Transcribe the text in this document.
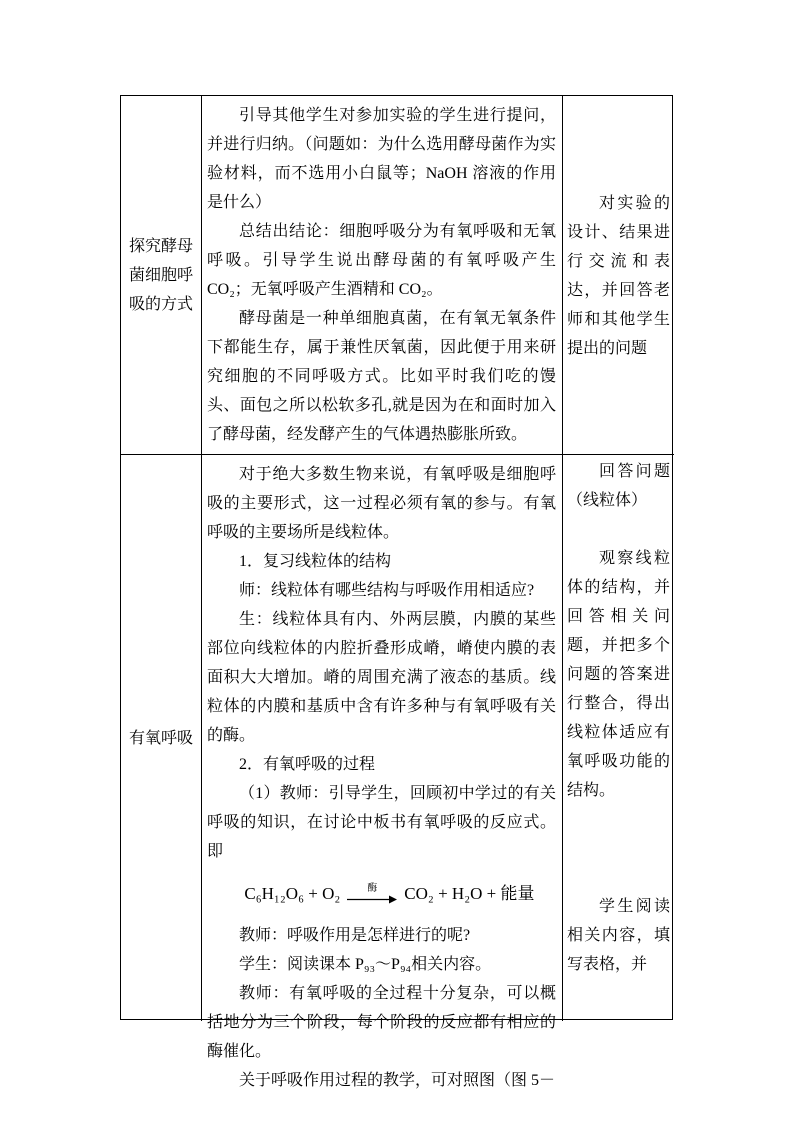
探究酵母菌细胞呼吸的方式

引导其他学生对参加实验的学生进行提问，并进行归纳。（问题如：为什么选用酵母菌作为实验材料，而不选用小白鼠等；NaOH 溶液的作用是什么）

总结出结论：细胞呼吸分为有氧呼吸和无氧呼吸。引导学生说出酵母菌的有氧呼吸产生 CO₂；无氧呼吸产生酒精和 CO₂。

酵母菌是一种单细胞真菌，在有氧无氧条件下都能生存，属于兼性厌氧菌，因此便于用来研究细胞的不同呼吸方式。比如平时我们吃的馒头、面包之所以松软多孔,就是因为在和面时加入了酵母菌，经发酵产生的气体遇热膨胀所致。

对实验的设计、结果进行交流和表达，并回答老师和其他学生提出的问题

有氧呼吸

对于绝大多数生物来说，有氧呼吸是细胞呼吸的主要形式，这一过程必须有氧的参与。有氧呼吸的主要场所是线粒体。

1．复习线粒体的结构

师：线粒体有哪些结构与呼吸作用相适应?

生：线粒体具有内、外两层膜，内膜的某些部位向线粒体的内腔折叠形成嵴，嵴使内膜的表面积大大增加。嵴的周围充满了液态的基质。线粒体的内膜和基质中含有许多种与有氧呼吸有关的酶。

2．有氧呼吸的过程

（1）教师：引导学生，回顾初中学过的有关呼吸的知识，在讨论中板书有氧呼吸的反应式。即

C₆H₁₂O₆ + O₂	酶 CO₂ + H₂O + 能量

教师：呼吸作用是怎样进行的呢?

学生：阅读课本 P₉₃～P₉₄相关内容。

教师：有氧呼吸的全过程十分复杂，可以概括地分为三个阶段，每个阶段的反应都有相应的酶催化。

关于呼吸作用过程的教学，可对照图（图 5－

回答问题（线粒体）

观察线粒体的结构，并回答相关问题，并把多个问题的答案进行整合，得出线粒体适应有氧呼吸功能的结构。

学生阅读相关内容，填写表格，并
